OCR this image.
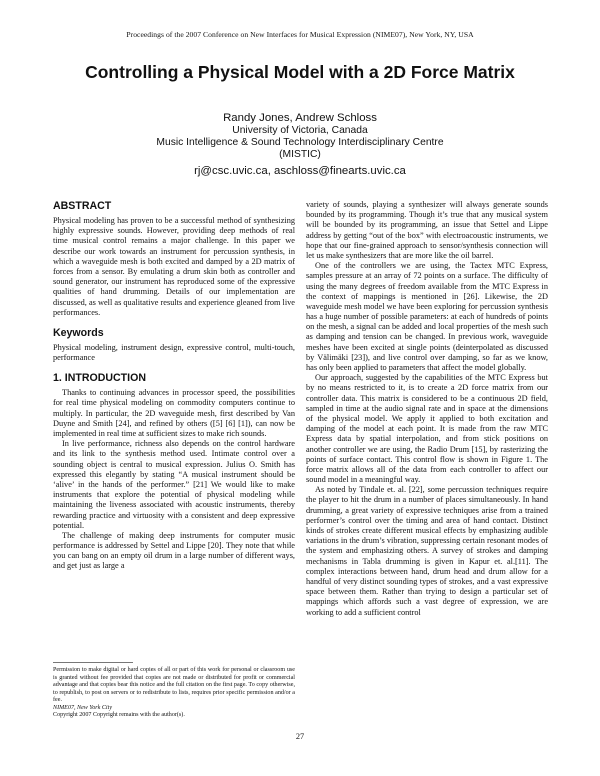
Proceedings of the 2007 Conference on New Interfaces for Musical Expression (NIME07), New York, NY, USA
Controlling a Physical Model with a 2D Force Matrix
Randy Jones, Andrew Schloss
University of Victoria, Canada
Music Intelligence & Sound Technology Interdisciplinary Centre
(MISTIC)
rj@csc.uvic.ca, aschloss@finearts.uvic.ca
ABSTRACT

Physical modeling has proven to be a successful method of synthesizing highly expressive sounds. However, providing deep methods of real time musical control remains a major challenge. In this paper we describe our work towards an instrument for percussion synthesis, in which a waveguide mesh is both excited and damped by a 2D matrix of forces from a sensor. By emulating a drum skin both as controller and sound generator, our instrument has reproduced some of the expressive qualities of hand drumming. Details of our implementation are discussed, as well as qualitative results and experience gleaned from live performances.

Keywords

Physical modeling, instrument design, expressive control, multi-touch, performance

1. INTRODUCTION

Thanks to continuing advances in processor speed, the possibilities for real time physical modeling on commodity computers continue to multiply. In particular, the 2D waveguide mesh, first described by Van Duyne and Smith [24], and refined by others ([5] [6] [1]), can now be implemented in real time at sufficient sizes to make rich sounds.

In live performance, richness also depends on the control hardware and its link to the synthesis method used. Intimate control over a sounding object is central to musical expression. Julius O. Smith has expressed this elegantly by stating “A musical instrument should be ‘alive’ in the hands of the performer.” [21] We would like to make instruments that explore the potential of physical modeling while maintaining the liveness associated with acoustic instruments, thereby rewarding practice and virtuosity with a consistent and deep expressive potential.

The challenge of making deep instruments for computer music performance is addressed by Settel and Lippe [20]. They note that while you can bang on an empty oil drum in a large number of different ways, and get just as large a

variety of sounds, playing a synthesizer will always generate sounds bounded by its programming. Though it’s true that any musical system will be bounded by its programming, an issue that Settel and Lippe address by getting “out of the box” with electroacoustic instruments, we hope that our fine-grained approach to sensor/synthesis connection will let us make synthesizers that are more like the oil barrel.

One of the controllers we are using, the Tactex MTC Express, samples pressure at an array of 72 points on a surface. The difficulty of using the many degrees of freedom available from the MTC Express in the context of mappings is mentioned in [26]. Likewise, the 2D waveguide mesh model we have been exploring for percussion synthesis has a huge number of possible parameters: at each of hundreds of points on the mesh, a signal can be added and local properties of the mesh such as damping and tension can be changed. In previous work, waveguide meshes have been excited at single points (deinterpolated as discussed by Välimäki [23]), and live control over damping, so far as we know, has only been applied to parameters that affect the model globally.

Our approach, suggested by the capabilities of the MTC Express but by no means restricted to it, is to create a 2D force matrix from our controller data. This matrix is considered to be a continuous 2D field, sampled in time at the audio signal rate and in space at the dimensions of the physical model. We apply it applied to both excitation and damping of the model at each point. It is made from the raw MTC Express data by spatial interpolation, and from stick positions on another controller we are using, the Radio Drum [15], by rasterizing the points of surface contact. This control flow is shown in Figure 1. The force matrix allows all of the data from each controller to affect our sound model in a meaningful way.

As noted by Tindale et. al. [22], some percussion techniques require the player to hit the drum in a number of places simultaneously. In hand drumming, a great variety of expressive techniques arise from a trained performer’s control over the timing and area of hand contact. Distinct kinds of strokes create different musical effects by emphasizing audible variations in the drum’s vibration, suppressing certain resonant modes of the system and emphasizing others. A survey of strokes and damping mechanisms in Tabla drumming is given in Kapur et. al.[11]. The complex interactions between hand, drum head and drum allow for a handful of very distinct sounding types of strokes, and a vast expressive space between them. Rather than trying to design a particular set of mappings which affords such a vast degree of expression, we are working to add a sufficient control

Permission to make digital or hard copies of all or part of this work for personal or classroom use is granted without fee provided that copies are not made or distributed for profit or commercial advantage and that copies bear this notice and the full citation on the first page. To copy otherwise, to republish, to post on servers or to redistribute to lists, requires prior specific permission and/or a fee.
NIME07, New York City
Copyright 2007 Copyright remains with the author(s).
27
